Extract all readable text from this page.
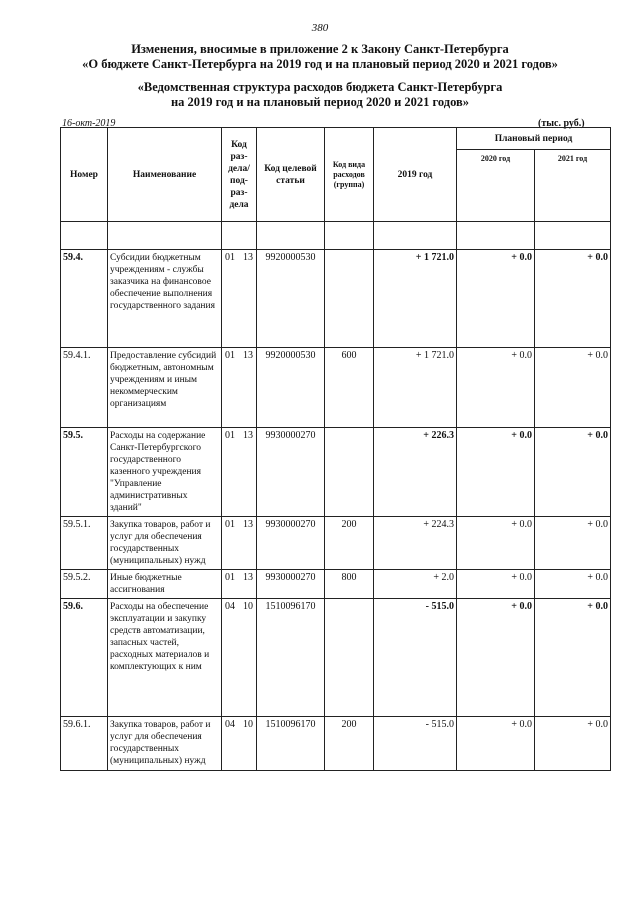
380
Изменения, вносимые в приложение 2 к Закону Санкт-Петербурга
«О бюджете Санкт-Петербурга на 2019 год и на плановый период 2020 и 2021 годов»
«Ведомственная структура расходов бюджета Санкт-Петербурга
на 2019 год и на плановый период 2020 и 2021 годов»
16-окт-2019	(тыс. руб.)
Номер	Наименование	Код раз-дела/под-раз-дела	Код целевой статьи	Код вида расходов (группа)	2019 год	Плановый период	
						2020 год	2021 год

59.4.	Субсидии бюджетным учреждениям - службы заказчика на финансовое обеспечение выполнения государственного задания	01 13	9920000530		+ 1 721.0	+ 0.0	+ 0.0
59.4.1.	Предоставление субсидий бюджетным, автономным учреждениям и иным некоммерческим организациям	01 13	9920000530	600	+ 1 721.0	+ 0.0	+ 0.0
59.5.	Расходы на содержание Санкт-Петербургского государственного казенного учреждения "Управление административных зданий"	01 13	9930000270		+ 226.3	+ 0.0	+ 0.0
59.5.1.	Закупка товаров, работ и услуг для обеспечения государственных (муниципальных) нужд	01 13	9930000270	200	+ 224.3	+ 0.0	+ 0.0
59.5.2.	Иные бюджетные ассигнования	01 13	9930000270	800	+ 2.0	+ 0.0	+ 0.0
59.6.	Расходы на обеспечение эксплуатации и закупку средств автоматизации, запасных частей, расходных материалов и комплектующих к ним	04 10	1510096170		- 515.0	+ 0.0	+ 0.0
59.6.1.	Закупка товаров, работ и услуг для обеспечения государственных (муниципальных) нужд	04 10	1510096170	200	- 515.0	+ 0.0	+ 0.0
